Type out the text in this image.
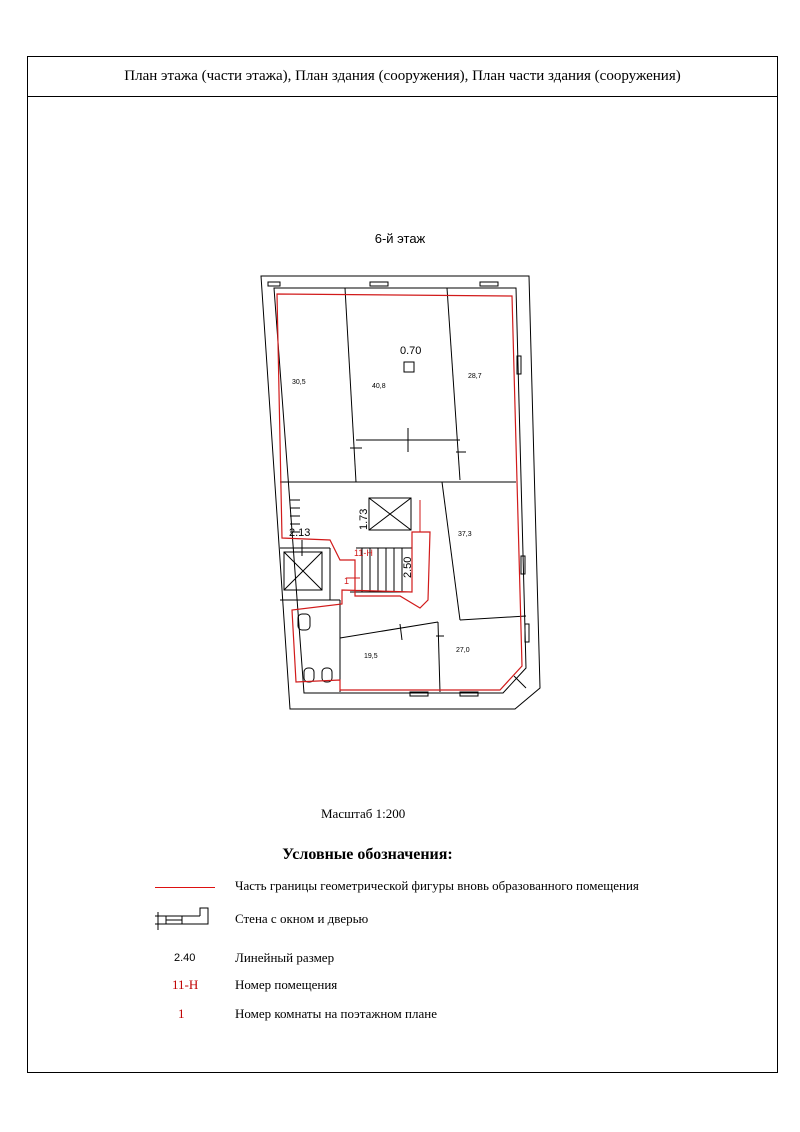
План этажа (части этажа), План здания (сооружения), План части здания (сооружения)
6-й этаж
0.70
1.73
2.13
2.50
30,5
40,8
28,7
37,3
19,5
27,0
11-Н
1
Масштаб 1:200
Условные обозначения:
Часть границы геометрической фигуры вновь образованного помещения
Стена с окном и дверью
2.40	Линейный размер
11-Н	Номер помещения
1	Номер комнаты на поэтажном плане
